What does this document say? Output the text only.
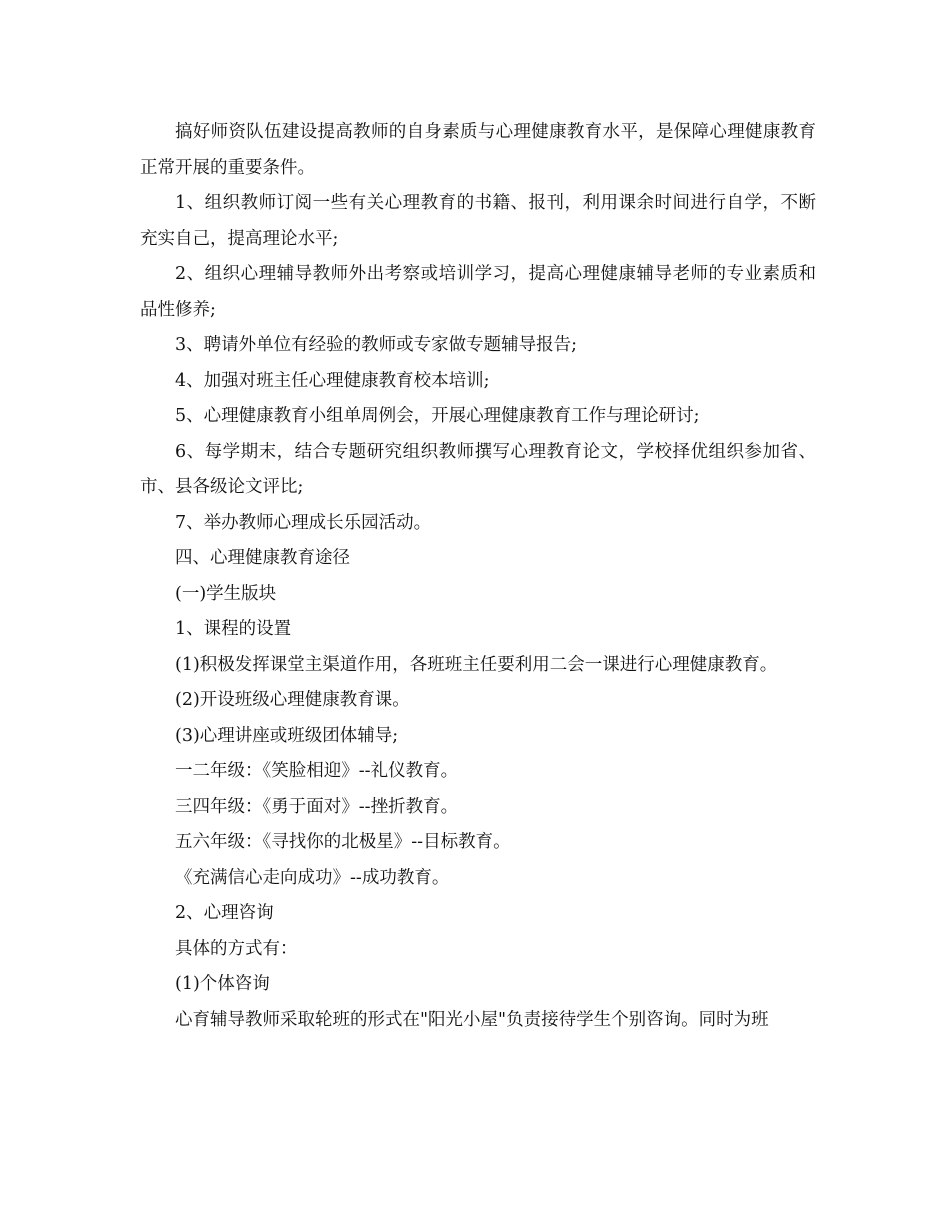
搞好师资队伍建设提高教师的自身素质与心理健康教育水平，是保障心理健康教育正常开展的重要条件。

1、组织教师订阅一些有关心理教育的书籍、报刊，利用课余时间进行自学，不断充实自己，提高理论水平;

2、组织心理辅导教师外出考察或培训学习，提高心理健康辅导老师的专业素质和品性修养;

3、聘请外单位有经验的教师或专家做专题辅导报告;

4、加强对班主任心理健康教育校本培训;

5、心理健康教育小组单周例会，开展心理健康教育工作与理论研讨;

6、每学期末，结合专题研究组织教师撰写心理教育论文，学校择优组织参加省、市、县各级论文评比;

7、举办教师心理成长乐园活动。

四、心理健康教育途径

(一)学生版块

1、课程的设置

(1)积极发挥课堂主渠道作用，各班班主任要利用二会一课进行心理健康教育。

(2)开设班级心理健康教育课。

(3)心理讲座或班级团体辅导;

一二年级：《笑脸相迎》--礼仪教育。

三四年级：《勇于面对》--挫折教育。

五六年级：《寻找你的北极星》--目标教育。

《充满信心走向成功》--成功教育。

2、心理咨询

具体的方式有：

(1)个体咨询

心育辅导教师采取轮班的形式在"阳光小屋"负责接待学生个别咨询。同时为班
